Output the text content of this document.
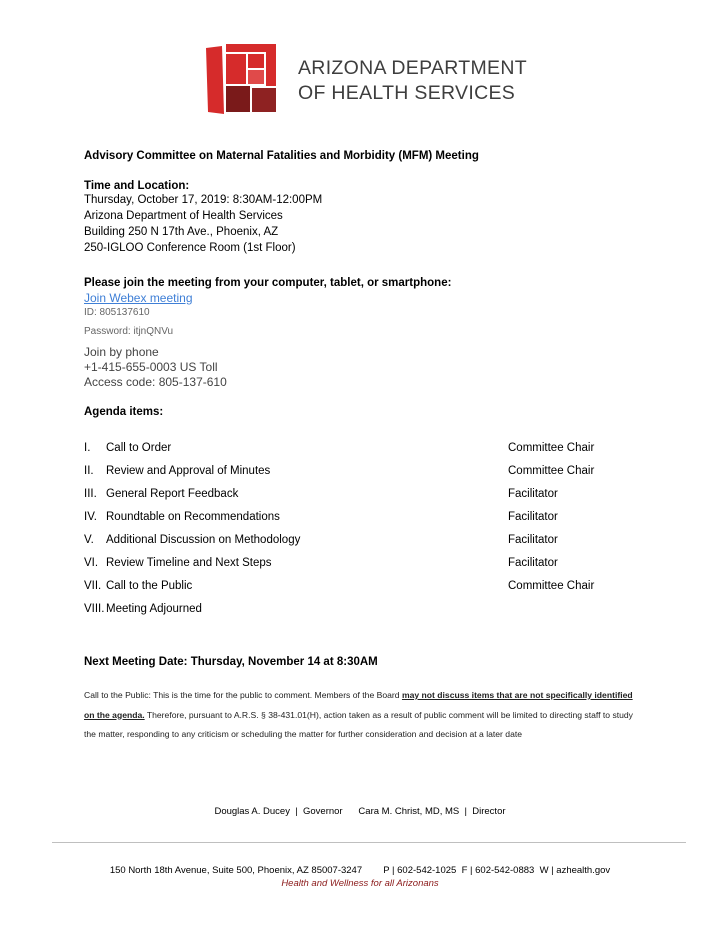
ARIZONA DEPARTMENT
OF HEALTH SERVICES
Advisory Committee on Maternal Fatalities and Morbidity (MFM) Meeting
Time and Location:
Thursday, October 17, 2019: 8:30AM-12:00PM
Arizona Department of Health Services
Building 250 N 17th Ave., Phoenix, AZ
250-IGLOO Conference Room (1st Floor)
Please join the meeting from your computer, tablet, or smartphone:
Join Webex meeting
ID: 805137610
Password: itjnQNVu
Join by phone
+1-415-655-0003 US Toll
Access code: 805-137-610
Agenda items:
I. Call to Order	Committee Chair
II. Review and Approval of Minutes	Committee Chair
III. General Report Feedback	Facilitator
IV. Roundtable on Recommendations	Facilitator
V. Additional Discussion on Methodology	Facilitator
VI. Review Timeline and Next Steps	Facilitator
VII. Call to the Public	Committee Chair
VIII. Meeting Adjourned
Next Meeting Date: Thursday, November 14 at 8:30AM
Call to the Public: This is the time for the public to comment. Members of the Board may not discuss items that are not specifically identified on the agenda. Therefore, pursuant to A.R.S. § 38-431.01(H), action taken as a result of public comment will be limited to directing staff to study the matter, responding to any criticism or scheduling the matter for further consideration and decision at a later date
Douglas A. Ducey  |  Governor      Cara M. Christ, MD, MS  |  Director
150 North 18th Avenue, Suite 500, Phoenix, AZ 85007-3247        P | 602-542-1025  F | 602-542-0883  W | azhealth.gov
Health and Wellness for all Arizonans
